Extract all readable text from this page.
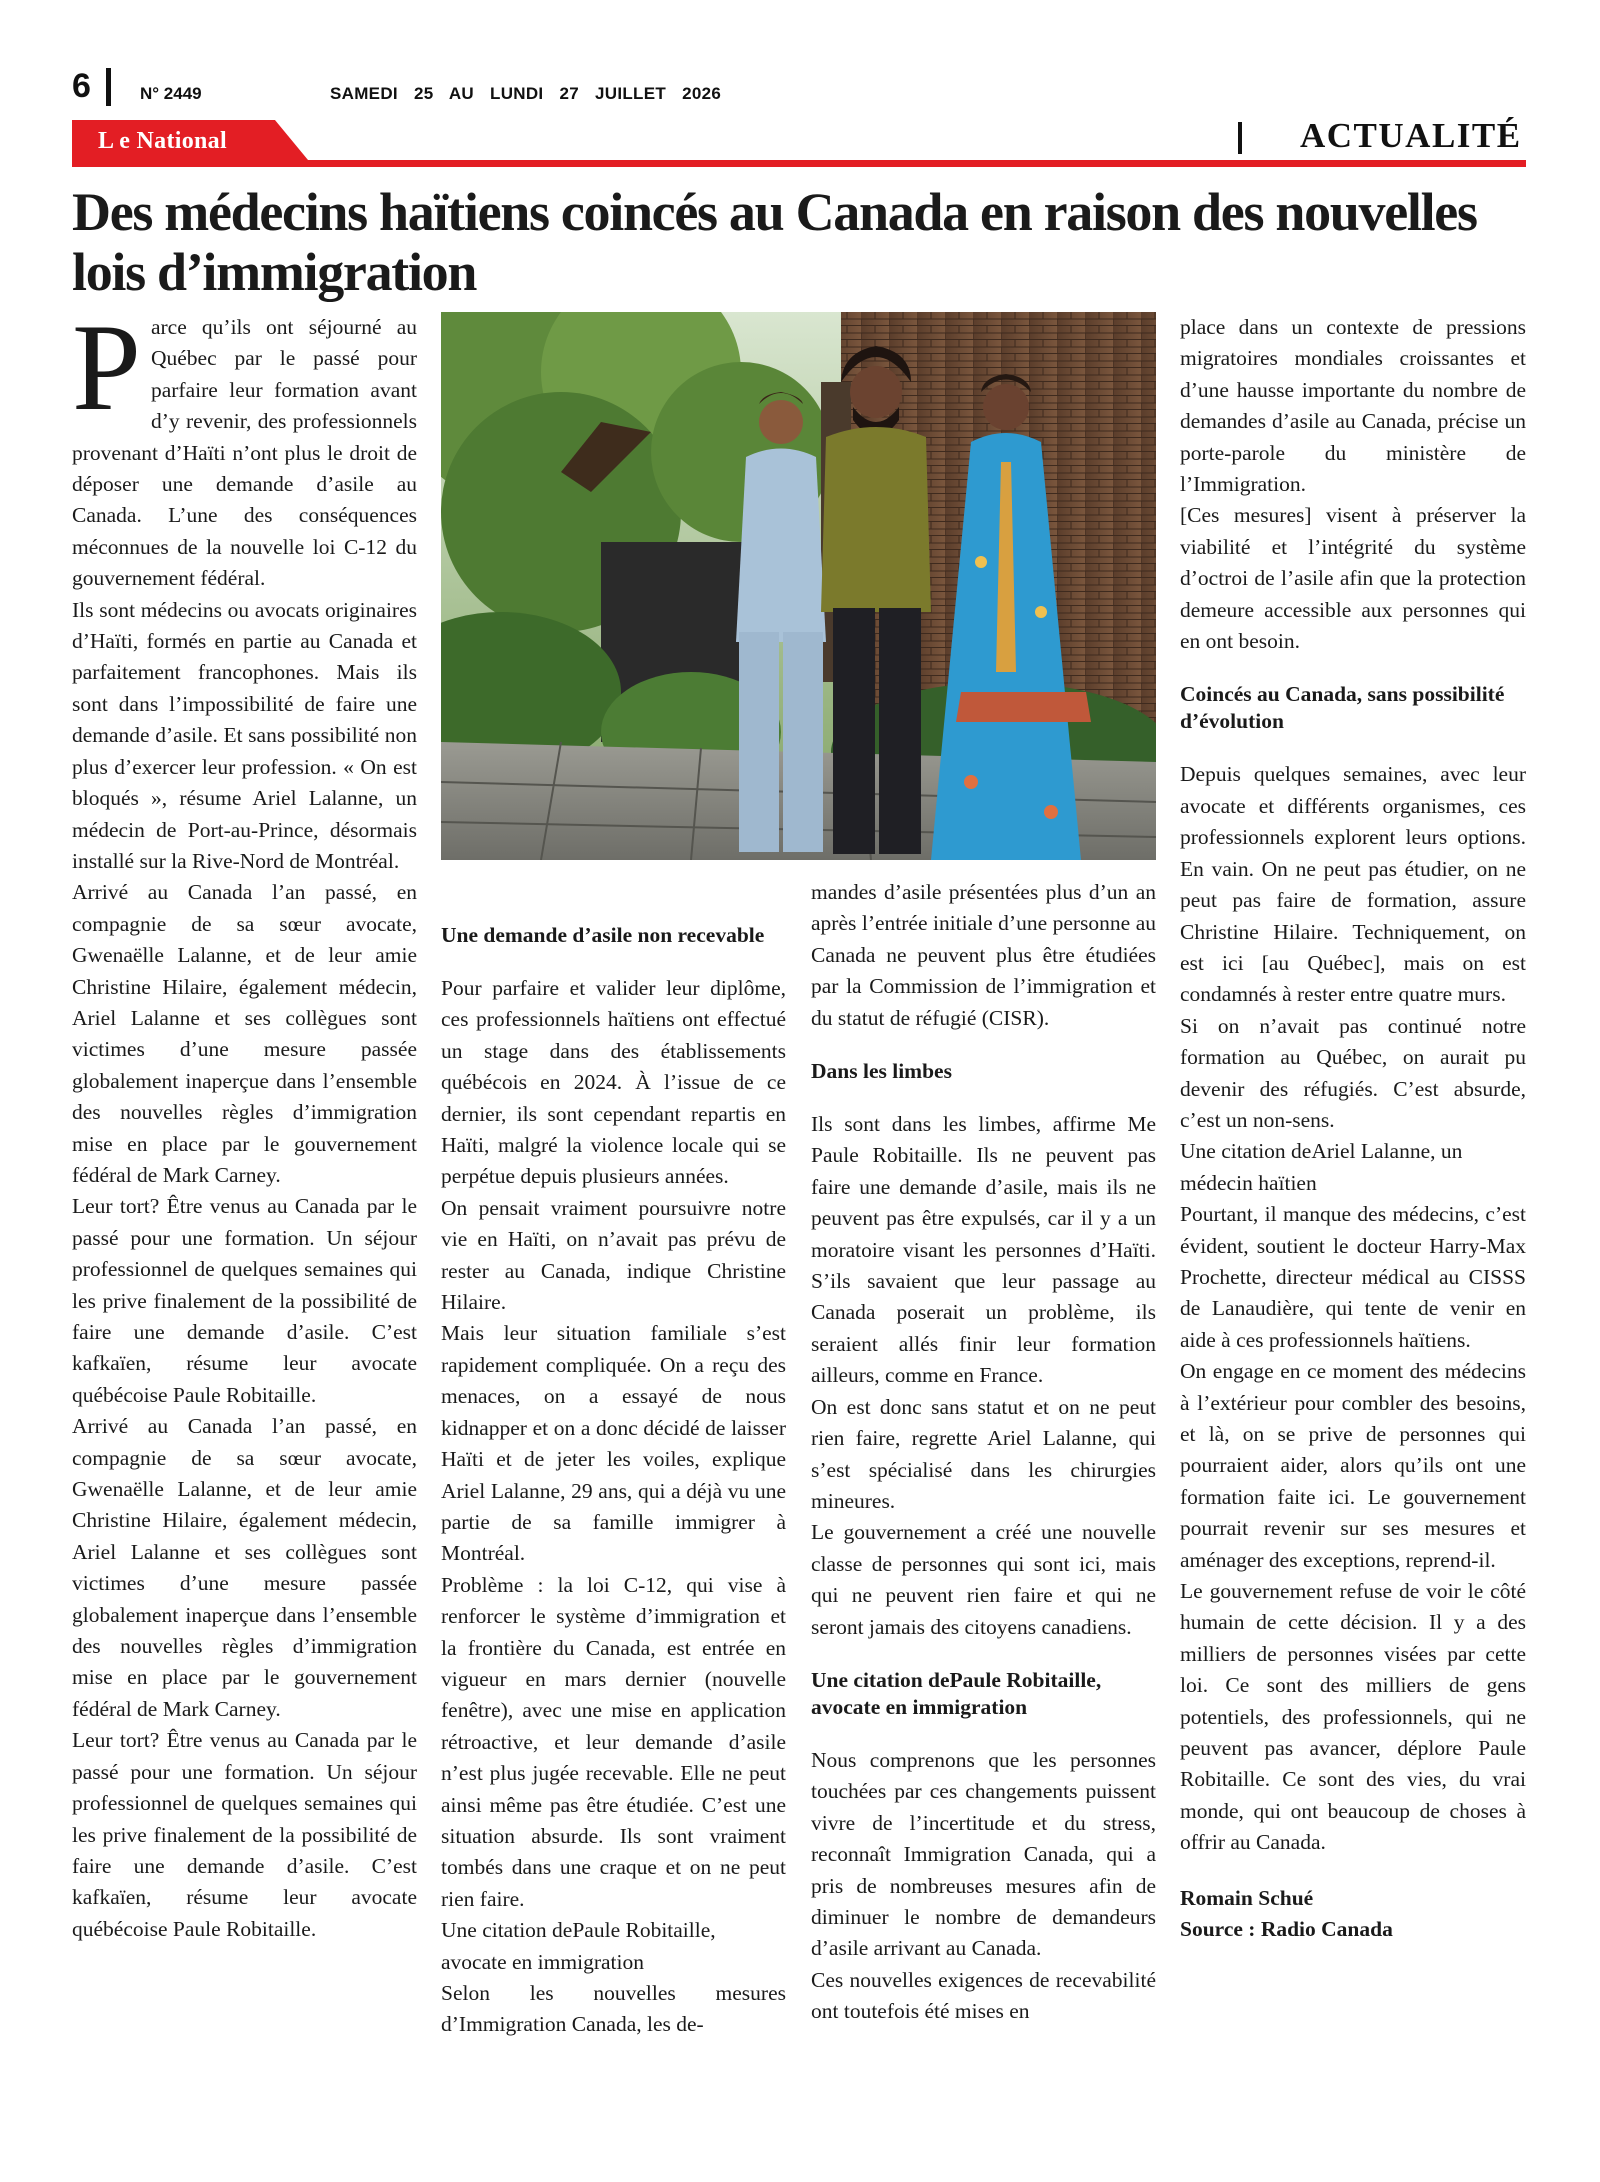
6	N° 2449	SAMEDI 25 AU LUNDI 27 JUILLET 2026
L e National	ACTUALITÉ
Des médecins haïtiens coincés au Canada en raison des nouvelles lois d’immigration

Parce qu’ils ont séjourné au Québec par le passé pour parfaire leur formation avant d’y revenir, des professionnels provenant d’Haïti n’ont plus le droit de déposer une demande d’asile au Canada. L’une des conséquences méconnues de la nouvelle loi C-12 du gouvernement fédéral.

Ils sont médecins ou avocats originaires d’Haïti, formés en partie au Canada et parfaitement francophones. Mais ils sont dans l’impossibilité de faire une demande d’asile. Et sans possibilité non plus d’exercer leur profession. « On est bloqués », résume Ariel Lalanne, un médecin de Port-au-Prince, désormais installé sur la Rive-Nord de Montréal.

Arrivé au Canada l’an passé, en compagnie de sa sœur avocate, Gwenaëlle Lalanne, et de leur amie Christine Hilaire, également médecin, Ariel Lalanne et ses collègues sont victimes d’une mesure passée globalement inaperçue dans l’ensemble des nouvelles règles d’immigration mise en place par le gouvernement fédéral de Mark Carney.

Leur tort? Être venus au Canada par le passé pour une formation. Un séjour professionnel de quelques semaines qui les prive finalement de la possibilité de faire une demande d’asile. C’est kafkaïen, résume leur avocate québécoise Paule Robitaille.

Arrivé au Canada l’an passé, en compagnie de sa sœur avocate, Gwenaëlle Lalanne, et de leur amie Christine Hilaire, également médecin, Ariel Lalanne et ses collègues sont victimes d’une mesure passée globalement inaperçue dans l’ensemble des nouvelles règles d’immigration mise en place par le gouvernement fédéral de Mark Carney.

Leur tort? Être venus au Canada par le passé pour une formation. Un séjour professionnel de quelques semaines qui les prive finalement de la possibilité de faire une demande d’asile. C’est kafkaïen, résume leur avocate québécoise Paule Robitaille.

Une demande d’asile non recevable

Pour parfaire et valider leur diplôme, ces professionnels haïtiens ont effectué un stage dans des établissements québécois en 2024. À l’issue de ce dernier, ils sont cependant repartis en Haïti, malgré la violence locale qui se perpétue depuis plusieurs années.

On pensait vraiment poursuivre notre vie en Haïti, on n’avait pas prévu de rester au Canada, indique Christine Hilaire.

Mais leur situation familiale s’est rapidement compliquée. On a reçu des menaces, on a essayé de nous kidnapper et on a donc décidé de laisser Haïti et de jeter les voiles, explique Ariel Lalanne, 29 ans, qui a déjà vu une partie de sa famille immigrer à Montréal.

Problème : la loi C-12, qui vise à renforcer le système d’immigration et la frontière du Canada, est entrée en vigueur en mars dernier (nouvelle fenêtre), avec une mise en application rétroactive, et leur demande d’asile n’est plus jugée recevable. Elle ne peut ainsi même pas être étudiée. C’est une situation absurde. Ils sont vraiment tombés dans une craque et on ne peut rien faire.

Une citation dePaule Robitaille, avocate en immigration

Selon les nouvelles mesures d’Immigration Canada, les de-

mandes d’asile présentées plus d’un an après l’entrée initiale d’une personne au Canada ne peuvent plus être étudiées par la Commission de l’immigration et du statut de réfugié (CISR).

Dans les limbes

Ils sont dans les limbes, affirme Me Paule Robitaille. Ils ne peuvent pas faire une demande d’asile, mais ils ne peuvent pas être expulsés, car il y a un moratoire visant les personnes d’Haïti. S’ils savaient que leur passage au Canada poserait un problème, ils seraient allés finir leur formation ailleurs, comme en France.

On est donc sans statut et on ne peut rien faire, regrette Ariel Lalanne, qui s’est spécialisé dans les chirurgies mineures.

Le gouvernement a créé une nouvelle classe de personnes qui sont ici, mais qui ne peuvent rien faire et qui ne seront jamais des citoyens canadiens.

Une citation dePaule Robitaille, avocate en immigration

Nous comprenons que les personnes touchées par ces changements puissent vivre de l’incertitude et du stress, reconnaît Immigration Canada, qui a pris de nombreuses mesures afin de diminuer le nombre de demandeurs d’asile arrivant au Canada.

Ces nouvelles exigences de recevabilité ont toutefois été mises en

place dans un contexte de pressions migratoires mondiales croissantes et d’une hausse importante du nombre de demandes d’asile au Canada, précise un porte-parole du ministère de l’Immigration.

[Ces mesures] visent à préserver la viabilité et l’intégrité du système d’octroi de l’asile afin que la protection demeure accessible aux personnes qui en ont besoin.

Coincés au Canada, sans possibilité d’évolution

Depuis quelques semaines, avec leur avocate et différents organismes, ces professionnels explorent leurs options. En vain. On ne peut pas étudier, on ne peut pas faire de formation, assure Christine Hilaire. Techniquement, on est ici [au Québec], mais on est condamnés à rester entre quatre murs.

Si on n’avait pas continué notre formation au Québec, on aurait pu devenir des réfugiés. C’est absurde, c’est un non-sens.

Une citation deAriel Lalanne, un médecin haïtien

Pourtant, il manque des médecins, c’est évident, soutient le docteur Harry-Max Prochette, directeur médical au CISSS de Lanaudière, qui tente de venir en aide à ces professionnels haïtiens.

On engage en ce moment des médecins à l’extérieur pour combler des besoins, et là, on se prive de personnes qui pourraient aider, alors qu’ils ont une formation faite ici. Le gouvernement pourrait revenir sur ses mesures et aménager des exceptions, reprend-il.

Le gouvernement refuse de voir le côté humain de cette décision. Il y a des milliers de personnes visées par cette loi. Ce sont des milliers de gens potentiels, des professionnels, qui ne peuvent pas avancer, déplore Paule Robitaille. Ce sont des vies, du vrai monde, qui ont beaucoup de choses à offrir au Canada.

Romain Schué

Source : Radio Canada
